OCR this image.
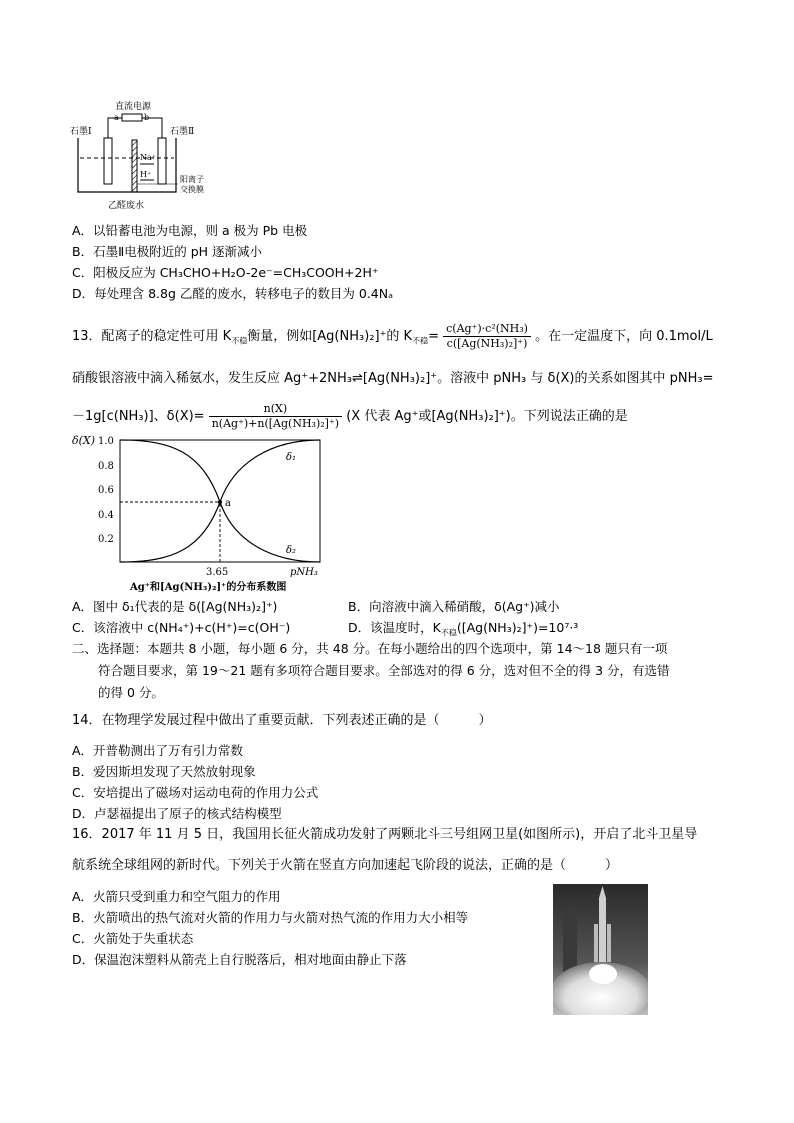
直流电源
a	b
石墨Ⅰ	石墨Ⅱ
Na⁺
H⁺
阳离子
交换膜
乙醛废水
A．以铅蓄电池为电源，则 a 极为 Pb 电极
B．石墨Ⅱ电极附近的 pH 逐渐减小
C．阳极反应为 CH₃CHO+H₂O-2e⁻=CH₃COOH+2H⁺
D．每处理含 8.8g 乙醛的废水，转移电子的数目为 0.4Nₐ
13．配离子的稳定性可用 $K_{不稳}$衡量，例如[Ag(NH₃)₂]⁺的 $K_{不稳}= \frac{\text{c(Ag⁺)·c²(NH₃)}}{\text{c([Ag(NH₃)₂]⁺)}}$ 。在一定温度下，向 0.1mol/L
硝酸银溶液中滴入稀氨水，发生反应 Ag⁺+2NH₃⇌[Ag(NH₃)₂]⁺。溶液中 pNH₃ 与 δ(X)的关系如图其中 pNH₃=
－1g[c(NH₃)]、$\delta(X)= \frac{n(X)}{\text{n(Ag⁺)+n([Ag(NH₃)₂]⁺)}} (X$ 代表 Ag⁺或[Ag(NH₃)₂]⁺)。下列说法正确的是
δ(X) 1.0
0.8
0.6
0.4
0.2
a
δ₁
δ₂
3.65	pNH₃
Ag⁺和[Ag(NH₃)₂]⁺的分布系数图
A．图中 δ₁代表的是 δ([Ag(NH₃)₂]⁺)	B．向溶液中滴入稀硝酸，δ(Ag⁺)减小
C．该溶液中 c(NH₄⁺)+c(H⁺)=c(OH⁻)	D．该温度时，$K_{不稳}([Ag(NH_3)_2]^+)=10^7\cdot^3$
二、选择题：本题共 8 小题，每小题 6 分，共 48 分。在每小题给出的四个选项中，第 14～18 题只有一项
符合题目要求，第 19～21 题有多项符合题目要求。全部选对的得 6 分，选对但不全的得 3 分，有选错
的得 0 分。
14．在物理学发展过程中做出了重要贡献．下列表述正确的是（　　　）
A．开普勒测出了万有引力常数
B．爱因斯坦发现了天然放射现象
C．安培提出了磁场对运动电荷的作用力公式
D．卢瑟福提出了原子的核式结构模型
16．2017 年 11 月 5 日，我国用长征火箭成功发射了两颗北斗三号组网卫星(如图所示)，开启了北斗卫星导
航系统全球组网的新时代。下列关于火箭在竖直方向加速起飞阶段的说法，正确的是（　　　）
A．火箭只受到重力和空气阻力的作用
B．火箭喷出的热气流对火箭的作用力与火箭对热气流的作用力大小相等
C．火箭处于失重状态
D．保温泡沫塑料从箭壳上自行脱落后，相对地面由静止下落
